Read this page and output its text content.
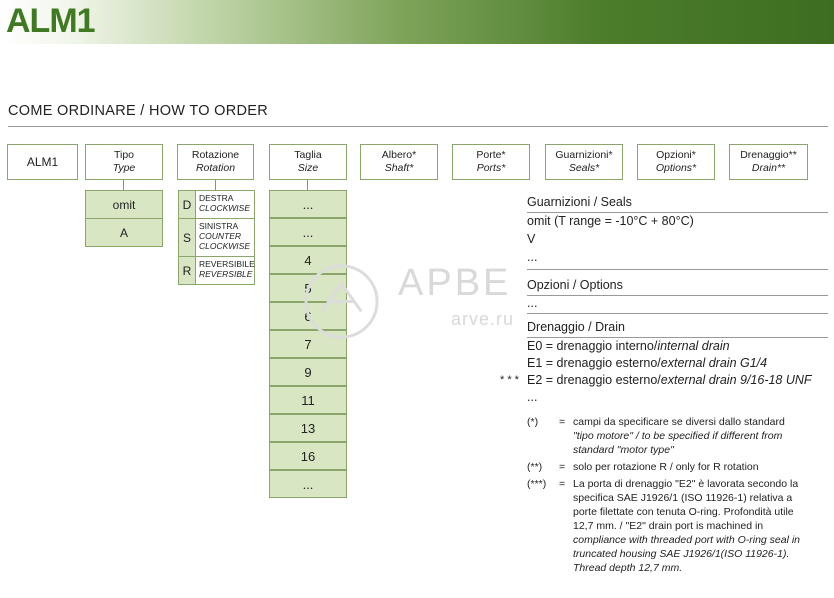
ALM1
COME ORDINARE / HOW TO ORDER
ALM1	Tipo
Type
Rotazione
Rotation
Taglia
Size
Albero*
Shaft*
Porte*
Ports*
Guarnizioni*
Seals*
Opzioni*
Options*
Drenaggio**
Drain**
omit
A
D DESTRA
CLOCKWISE
S
SINISTRA
COUNTER CLOCKWISE
R REVERSIBILE
REVERSIBLE
...
...
4
5
6
7
9
11
13
16
...
АРВЕ
arve.ru
Guarnizioni / Seals
omit (T range = -10°C + 80°C)
V
...
Opzioni / Options
...
Drenaggio / Drain
E0 = drenaggio interno/internal drain
E1 = drenaggio esterno/external drain G1/4
* * * E2 = drenaggio esterno/external drain 9/16-18 UNF
...
(*) = campi da specificare se diversi dallo standard
"tipo motore" / to be specified if different from
standard "motor type"
(**) = solo per rotazione R / only for R rotation
(***) = La porta di drenaggio "E2" è lavorata secondo la
specifica SAE J1926/1 (ISO 11926-1) relativa a
porte filettate con tenuta O-ring. Profondità utile
12,7 mm. / "E2" drain port is machined in
compliance with threaded port with O-ring seal in
truncated housing SAE J1926/1(ISO 11926-1).
Thread depth 12,7 mm.
